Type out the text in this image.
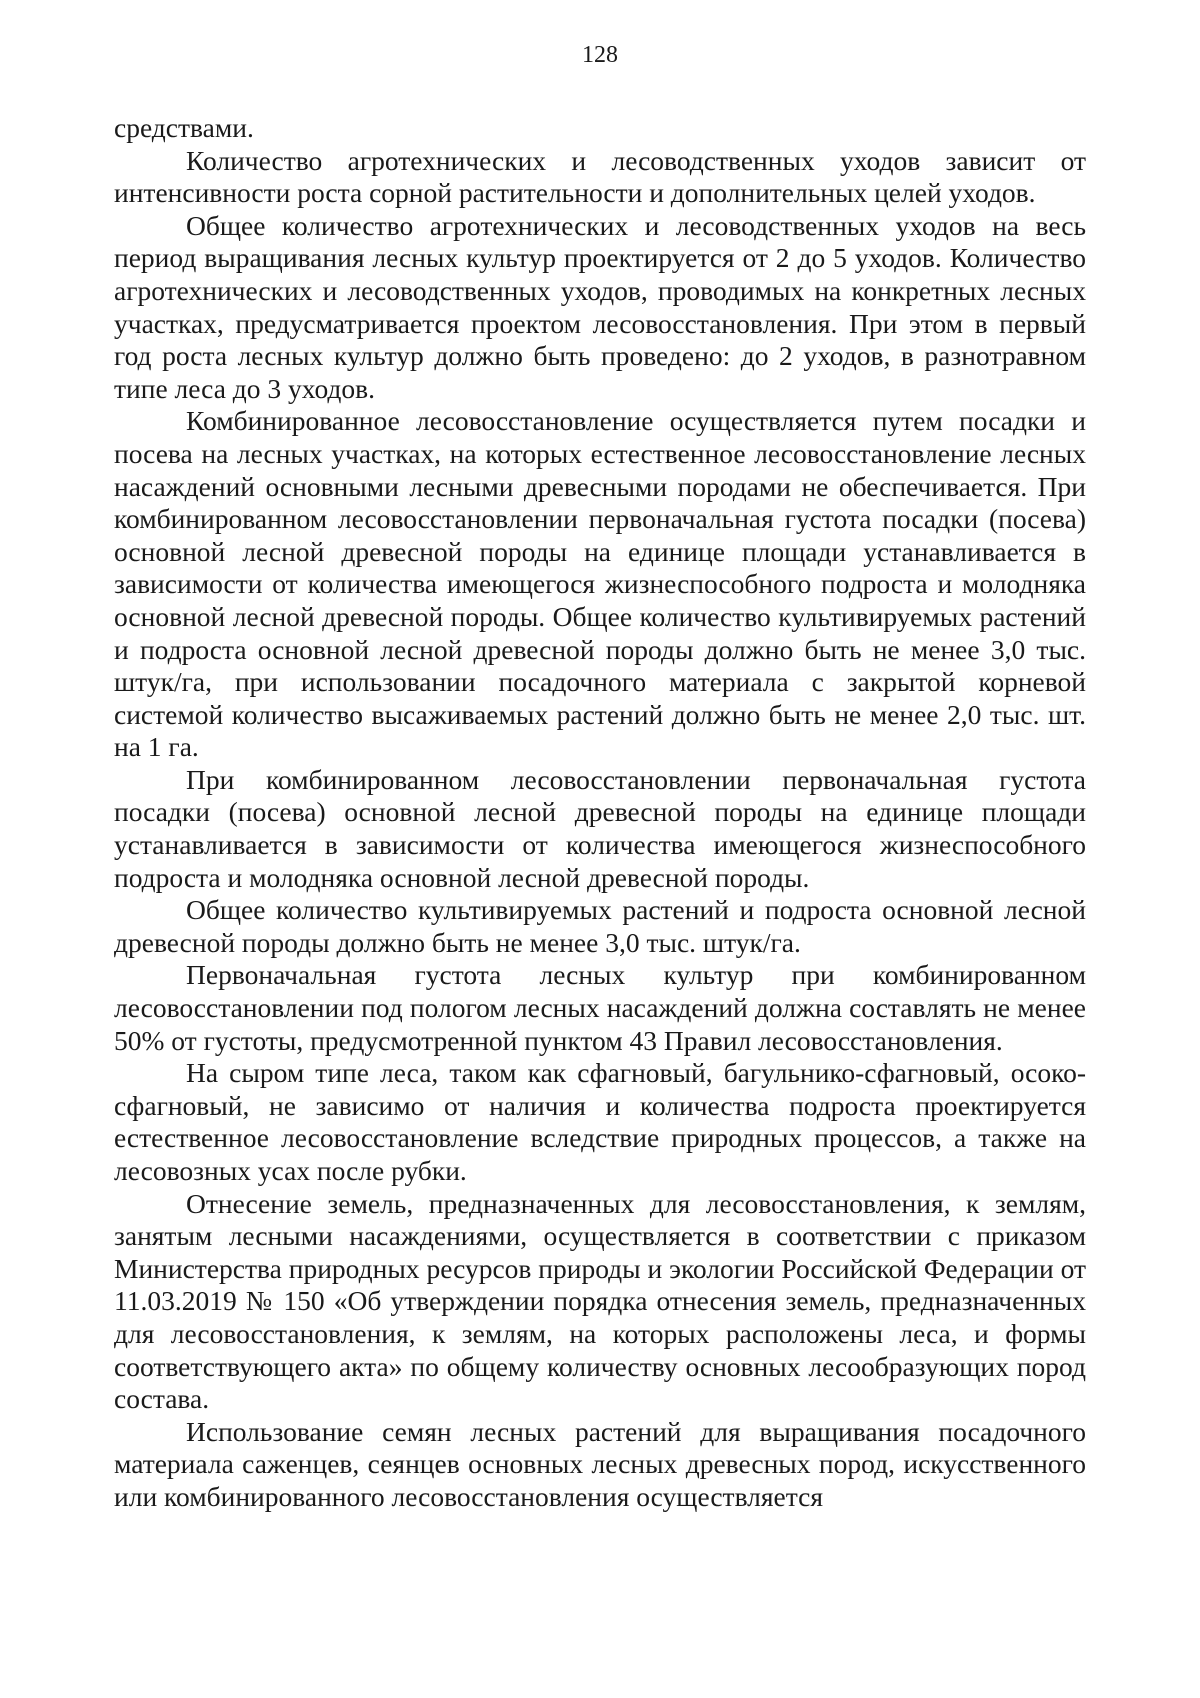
128

средствами.

Количество агротехнических и лесоводственных уходов зависит от интенсивности роста сорной растительности и дополнительных целей уходов.

Общее количество агротехнических и лесоводственных уходов на весь период выращивания лесных культур проектируется от 2 до 5 уходов. Количество агротехнических и лесоводственных уходов, проводимых на конкретных лесных участках, предусматривается проектом лесовосстановления. При этом в первый год роста лесных культур должно быть проведено: до 2 уходов, в разнотравном типе леса до 3 уходов.

Комбинированное лесовосстановление осуществляется путем посадки и посева на лесных участках, на которых естественное лесовосстановление лесных насаждений основными лесными древесными породами не обеспечивается. При комбинированном лесовосстановлении первоначальная густота посадки (посева) основной лесной древесной породы на единице площади устанавливается в зависимости от количества имеющегося жизнеспособного подроста и молодняка основной лесной древесной породы. Общее количество культивируемых растений и подроста основной лесной древесной породы должно быть не менее 3,0 тыс. штук/га, при использовании посадочного материала с закрытой корневой системой количество высаживаемых растений должно быть не менее 2,0 тыс. шт. на 1 га.

При комбинированном лесовосстановлении первоначальная густота посадки (посева) основной лесной древесной породы на единице площади устанавливается в зависимости от количества имеющегося жизнеспособного подроста и молодняка основной лесной древесной породы.

Общее количество культивируемых растений и подроста основной лесной древесной породы должно быть не менее 3,0 тыс. штук/га.

Первоначальная густота лесных культур при комбинированном лесовосстановлении под пологом лесных насаждений должна составлять не менее 50% от густоты, предусмотренной пунктом 43 Правил лесовосстановления.

На сыром типе леса, таком как сфагновый, багульнико-сфагновый, осоко-сфагновый, не зависимо от наличия и количества подроста проектируется естественное лесовосстановление вследствие природных процессов, а также на лесовозных усах после рубки.

Отнесение земель, предназначенных для лесовосстановления, к землям, занятым лесными насаждениями, осуществляется в соответствии с приказом Министерства природных ресурсов природы и экологии Российской Федерации от 11.03.2019 № 150 «Об утверждении порядка отнесения земель, предназначенных для лесовосстановления, к землям, на которых расположены леса, и формы соответствующего акта» по общему количеству основных лесообразующих пород состава.

Использование семян лесных растений для выращивания посадочного материала саженцев, сеянцев основных лесных древесных пород, искусственного или комбинированного лесовосстановления осуществляется
